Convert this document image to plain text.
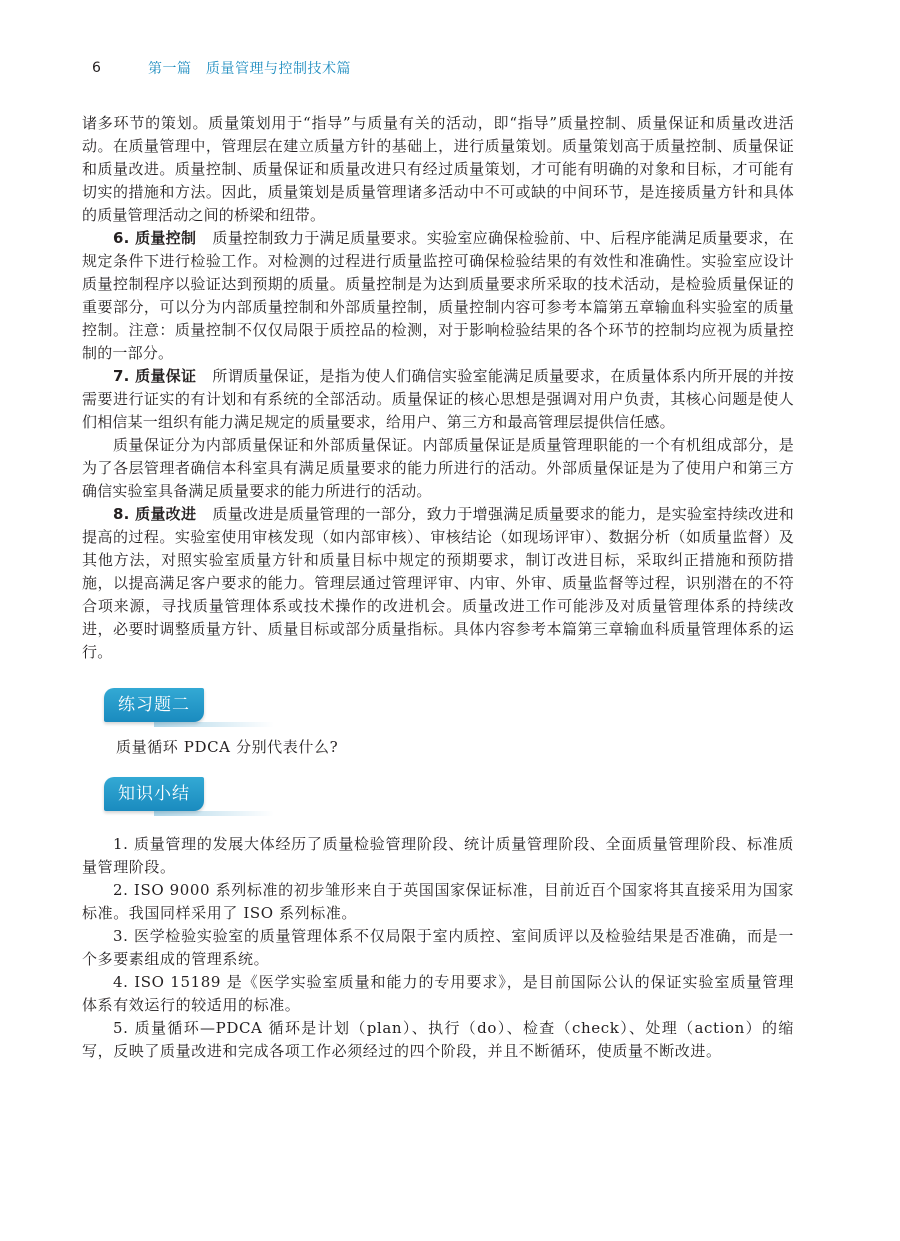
6	第一篇　质量管理与控制技术篇

诸多环节的策划。质量策划用于“指导”与质量有关的活动，即“指导”质量控制、质量保证和质量改进活动。在质量管理中，管理层在建立质量方针的基础上，进行质量策划。质量策划高于质量控制、质量保证和质量改进。质量控制、质量保证和质量改进只有经过质量策划，才可能有明确的对象和目标，才可能有切实的措施和方法。因此，质量策划是质量管理诸多活动中不可或缺的中间环节，是连接质量方针和具体的质量管理活动之间的桥梁和纽带。

6. 质量控制 质量控制致力于满足质量要求。实验室应确保检验前、中、后程序能满足质量要求，在规定条件下进行检验工作。对检测的过程进行质量监控可确保检验结果的有效性和准确性。实验室应设计质量控制程序以验证达到预期的质量。质量控制是为达到质量要求所采取的技术活动，是检验质量保证的重要部分，可以分为内部质量控制和外部质量控制，质量控制内容可参考本篇第五章输血科实验室的质量控制。注意：质量控制不仅仅局限于质控品的检测，对于影响检验结果的各个环节的控制均应视为质量控制的一部分。

7. 质量保证 所谓质量保证，是指为使人们确信实验室能满足质量要求，在质量体系内所开展的并按需要进行证实的有计划和有系统的全部活动。质量保证的核心思想是强调对用户负责，其核心问题是使人们相信某一组织有能力满足规定的质量要求，给用户、第三方和最高管理层提供信任感。

质量保证分为内部质量保证和外部质量保证。内部质量保证是质量管理职能的一个有机组成部分，是为了各层管理者确信本科室具有满足质量要求的能力所进行的活动。外部质量保证是为了使用户和第三方确信实验室具备满足质量要求的能力所进行的活动。

8. 质量改进 质量改进是质量管理的一部分，致力于增强满足质量要求的能力，是实验室持续改进和提高的过程。实验室使用审核发现（如内部审核）、审核结论（如现场评审）、数据分析（如质量监督）及其他方法，对照实验室质量方针和质量目标中规定的预期要求，制订改进目标，采取纠正措施和预防措施，以提高满足客户要求的能力。管理层通过管理评审、内审、外审、质量监督等过程，识别潜在的不符合项来源，寻找质量管理体系或技术操作的改进机会。质量改进工作可能涉及对质量管理体系的持续改进，必要时调整质量方针、质量目标或部分质量指标。具体内容参考本篇第三章输血科质量管理体系的运行。

练习题二

质量循环 PDCA 分别代表什么?

知识小结

1. 质量管理的发展大体经历了质量检验管理阶段、统计质量管理阶段、全面质量管理阶段、标准质量管理阶段。

2. ISO 9000 系列标准的初步雏形来自于英国国家保证标准，目前近百个国家将其直接采用为国家标准。我国同样采用了 ISO 系列标准。

3. 医学检验实验室的质量管理体系不仅局限于室内质控、室间质评以及检验结果是否准确，而是一个多要素组成的管理系统。

4. ISO 15189 是《医学实验室质量和能力的专用要求》，是目前国际公认的保证实验室质量管理体系有效运行的较适用的标准。

5. 质量循环—PDCA 循环是计划（plan）、执行（do）、检查（check）、处理（action）的缩写，反映了质量改进和完成各项工作必须经过的四个阶段，并且不断循环，使质量不断改进。
